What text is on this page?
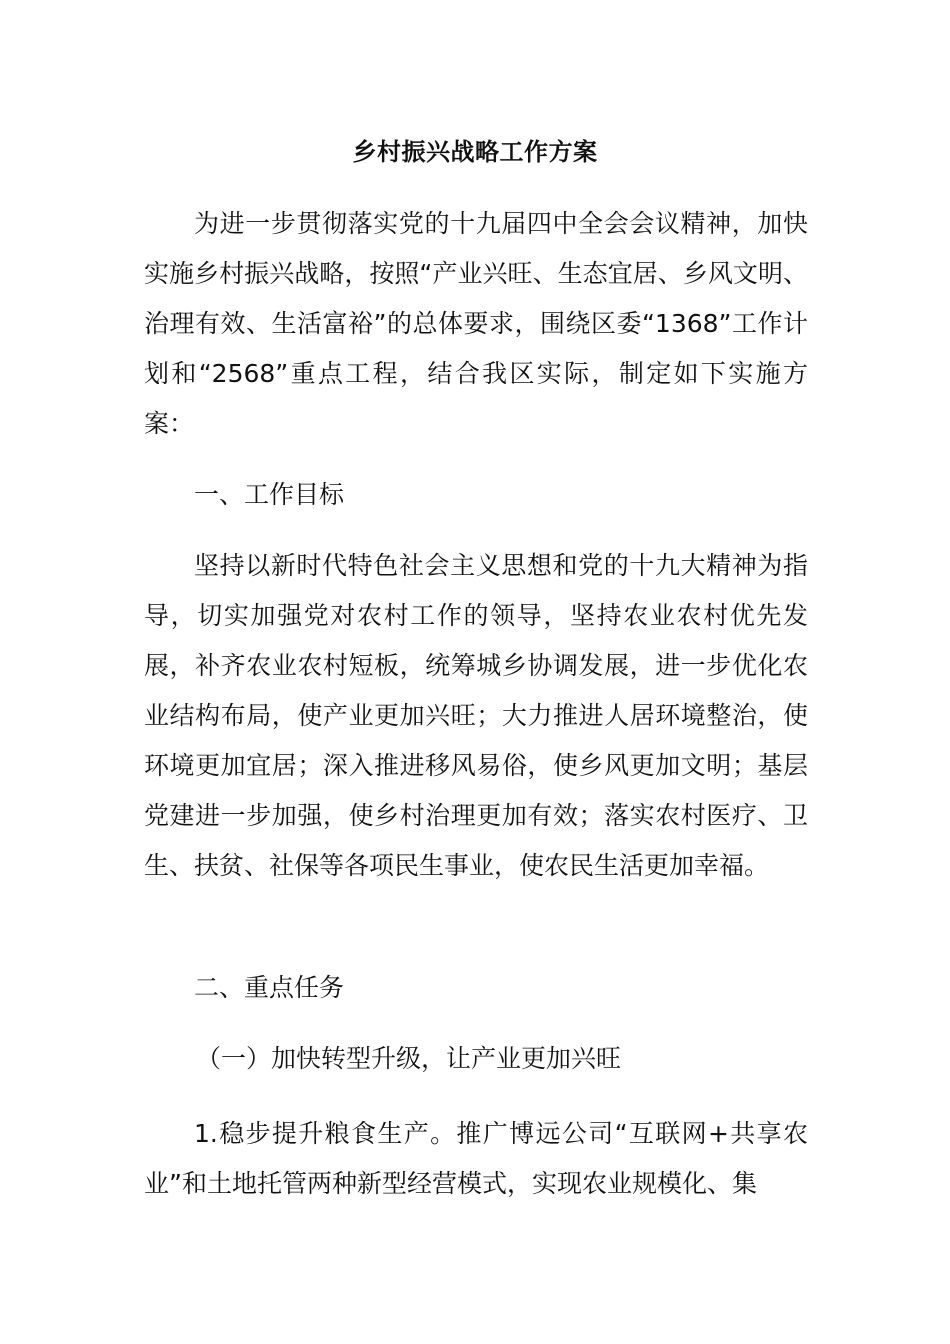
乡村振兴战略工作方案

为进一步贯彻落实党的十九届四中全会会议精神，加快实施乡村振兴战略，按照“产业兴旺、生态宜居、乡风文明、治理有效、生活富裕”的总体要求，围绕区委“1368”工作计划和“2568”重点工程，结合我区实际，制定如下实施方案：

一、工作目标

坚持以新时代特色社会主义思想和党的十九大精神为指导，切实加强党对农村工作的领导，坚持农业农村优先发展，补齐农业农村短板，统筹城乡协调发展，进一步优化农业结构布局，使产业更加兴旺；大力推进人居环境整治，使环境更加宜居；深入推进移风易俗，使乡风更加文明；基层党建进一步加强，使乡村治理更加有效；落实农村医疗、卫生、扶贫、社保等各项民生事业，使农民生活更加幸福。

二、重点任务

（一）加快转型升级，让产业更加兴旺

1.稳步提升粮食生产。推广博远公司“互联网+共享农业”和土地托管两种新型经营模式，实现农业规模化、集
